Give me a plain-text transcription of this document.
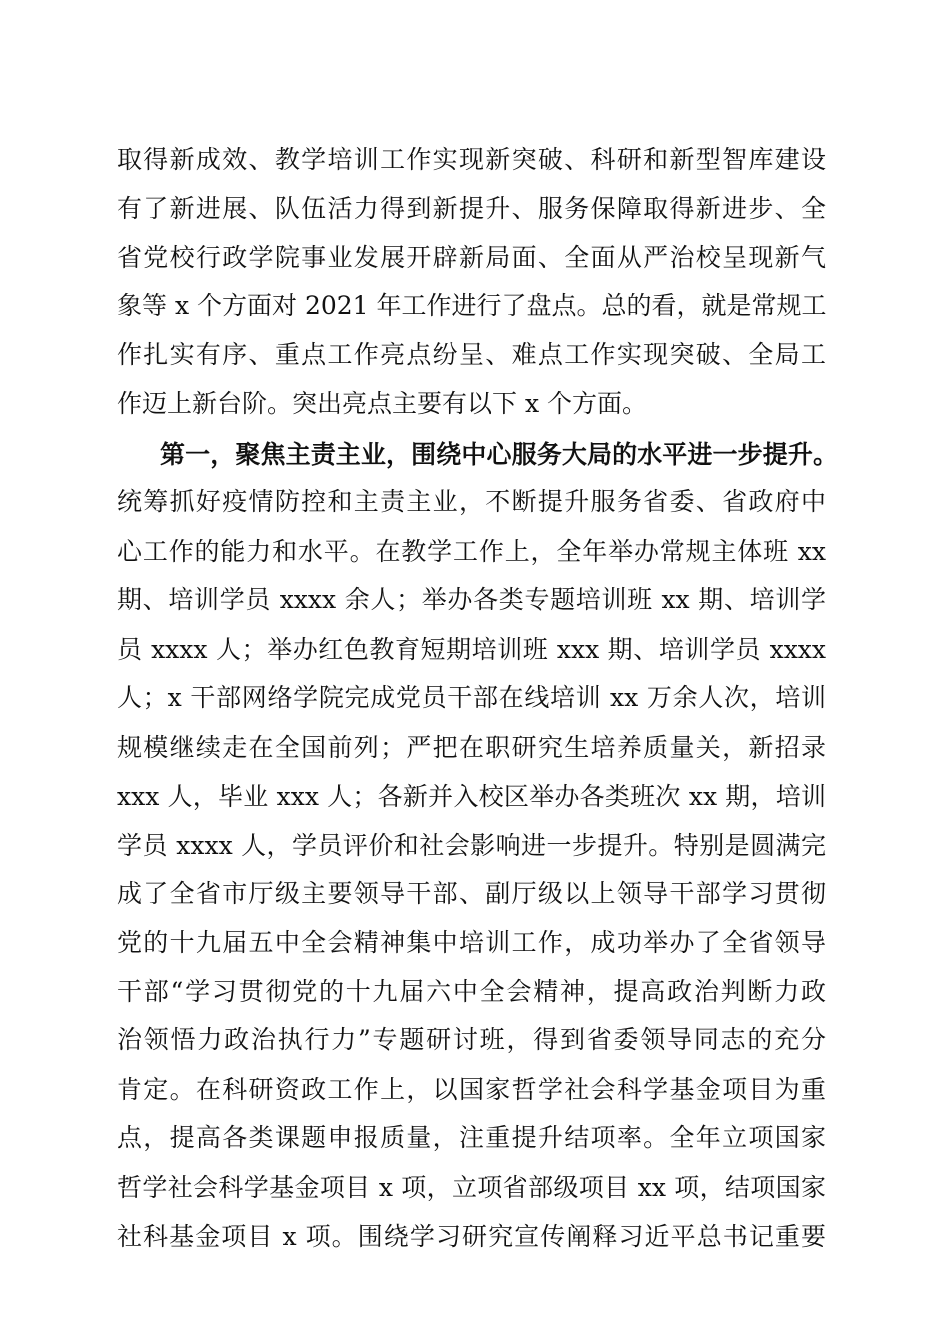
取得新成效、教学培训工作实现新突破、科研和新型智库建设
有了新进展、队伍活力得到新提升、服务保障取得新进步、全
省党校行政学院事业发展开辟新局面、全面从严治校呈现新气
象等 x 个方面对 2021 年工作进行了盘点。总的看，就是常规工
作扎实有序、重点工作亮点纷呈、难点工作实现突破、全局工
作迈上新台阶。突出亮点主要有以下 x 个方面。
第一，聚焦主责主业，围绕中心服务大局的水平进一步提升。
统筹抓好疫情防控和主责主业，不断提升服务省委、省政府中
心工作的能力和水平。在教学工作上，全年举办常规主体班 xx
期、培训学员 xxxx 余人；举办各类专题培训班 xx 期、培训学
员 xxxx 人；举办红色教育短期培训班 xxx 期、培训学员 xxxx
人；x 干部网络学院完成党员干部在线培训 xx 万余人次，培训
规模继续走在全国前列；严把在职研究生培养质量关，新招录
xxx 人，毕业 xxx 人；各新并入校区举办各类班次 xx 期，培训
学员 xxxx 人，学员评价和社会影响进一步提升。特别是圆满完
成了全省市厅级主要领导干部、副厅级以上领导干部学习贯彻
党的十九届五中全会精神集中培训工作，成功举办了全省领导
干部“学习贯彻党的十九届六中全会精神，提高政治判断力政
治领悟力政治执行力”专题研讨班，得到省委领导同志的充分
肯定。在科研资政工作上，以国家哲学社会科学基金项目为重
点，提高各类课题申报质量，注重提升结项率。全年立项国家
哲学社会科学基金项目 x 项，立项省部级项目 xx 项，结项国家
社科基金项目 x 项。围绕学习研究宣传阐释习近平总书记重要
